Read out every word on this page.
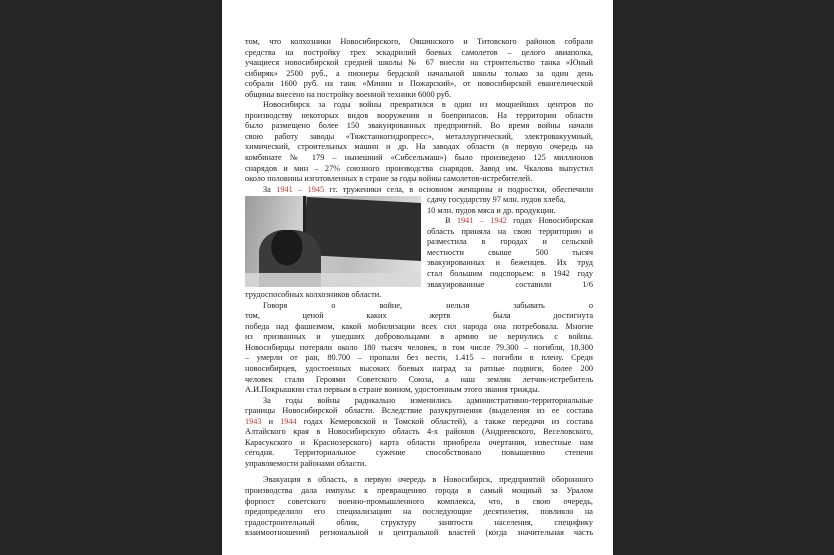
том, что колхозники Новосибирского, Ояшинского и Титовского районов собрали

средства на постройку трех эскадрилий боевых самолетов – целого авиаполка,

учащиеся новосибирской средней школы № 67 внесли на строительство танка «Юный

сибиряк» 2500 руб., а пионеры бердской начальной школы только за один день

собрали 1600 руб. на танк «Минин и Пожарский», от новосибирской евангелической

общины внесено на постройку военной техники 6000 руб.

Новосибирск за годы войны превратился в один из мощнейших центров по

производству некоторых видов вооружения и боеприпасов. На территории области

было размещено более 150 эвакуированных предприятий. Во время войны начали

свою работу заводы «Тяжстанкогидропресс», металлургический, электровакуумный,

химический, строительных машин и др. На заводах области (в первую очередь на

комбинате № 179 – нынешний «Сибсельмаш») было произведено 125 миллионов

снарядов и мин – 27% союзного производства снарядов. Завод им. Чкалова выпустил

около половины изготовленных в стране за годы войны самолетов-истребителей.

За 1941 – 1945 гг. труженики села, в основном женщины и подростки, обеспечили

сдачу государству 97 млн. пудов хлеба,

10 млн. пудов мяса и др. продукции.

В 1941 – 1942 годах Новосибирская

область приняла на свою территорию и

разместила в городах и сельской

местности свыше 500 тысяч

эвакуированных и беженцев. Их труд

стал большим подспорьем: в 1942 году

эвакуированные составили 1/6

трудоспособных колхозников области.

Говоря о войне, нельзя забывать о

том, ценой каких жертв была достигнута

победа над фашизмом, какой мобилизации всех сил народа она потребовала. Многие

из призванных и ушедших добровольцами в армию не вернулись с войны.

Новосибирцы потеряли около 180 тысяч человек, в том числе 79.300 – погибли, 18.300

– умерли от ран, 80.700 – пропали без вести, 1.415 – погибли в плену. Среди

новосибирцев, удостоенных высоких боевых наград за ратные подвиги, более 200

человек стали Героями Советского Союза, а наш земляк летчик-истребитель

А.И.Покрышкин стал первым в стране воином, удостоенным этого звания трижды.

За годы войны радикально изменились административно-территориальные

границы Новосибирской области. Вследствие разукрупнения (выделения из ее состава

1943 и 1944 годах Кемеровской и Томской областей), а также передачи из состава

Алтайского края в Новосибирскую область 4-х районов (Андреевского, Веселовского,

Карасукского и Краснозерского) карта области приобрела очертания, известные нам

сегодня. Территориальное сужение способствовало повышению степени

управляемости районами области.

Эвакуация в область, в первую очередь в Новосибирск, предприятий оборонного

производства дала импульс к превращению города в самый мощный за Уралом

форпост советского военно-промышленного комплекса, что, в свою очередь,

предопределило его специализацию на последующие десятилетия, повлияло на

градостроительный облик, структуру занятости населения, специфику

взаимоотношений региональной и центральной властей (когда значительная часть
